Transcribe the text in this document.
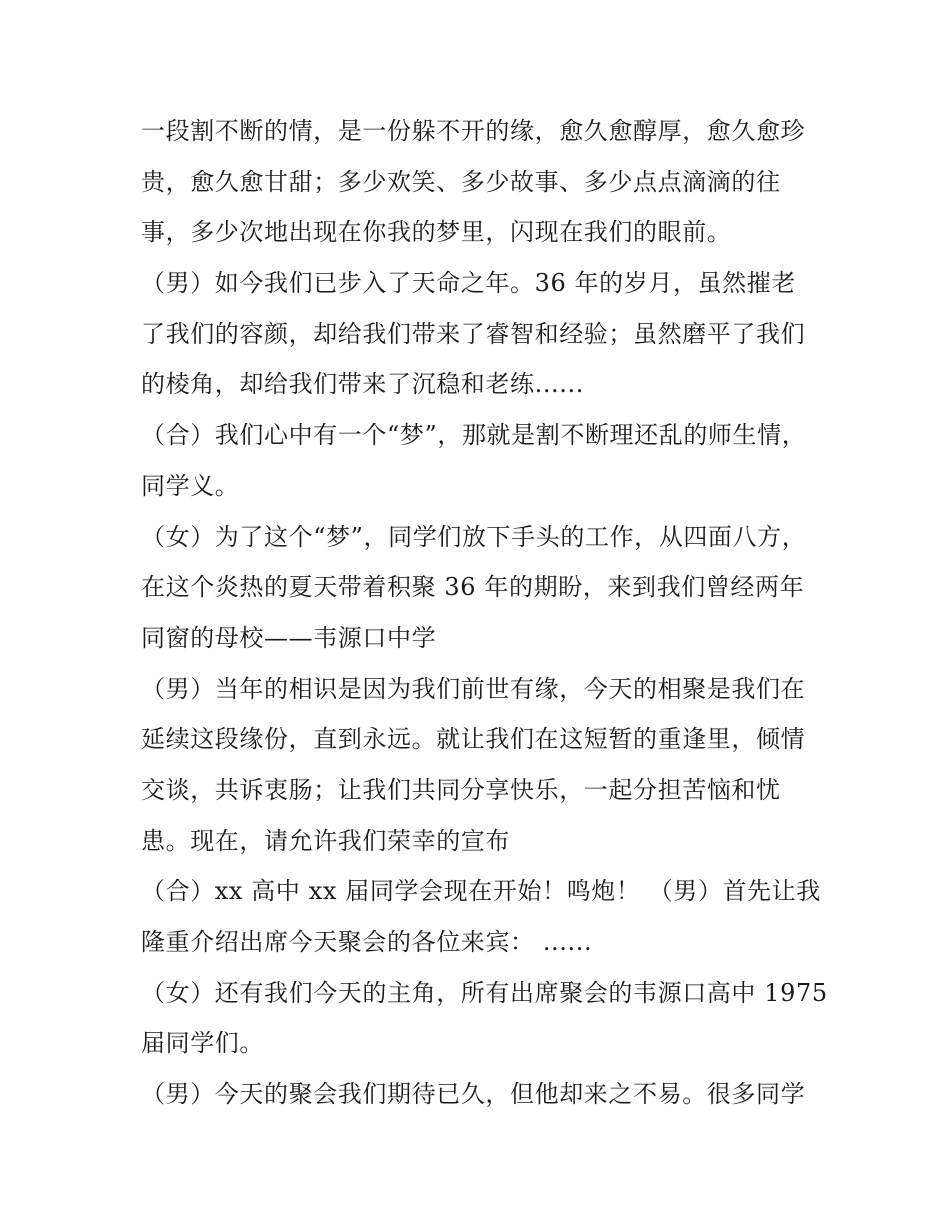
一段割不断的情，是一份躲不开的缘，愈久愈醇厚，愈久愈珍
贵，愈久愈甘甜；多少欢笑、多少故事、多少点点滴滴的往
事，多少次地出现在你我的梦里，闪现在我们的眼前。
（男）如今我们已步入了天命之年。36 年的岁月，虽然摧老
了我们的容颜，却给我们带来了睿智和经验；虽然磨平了我们
的棱角，却给我们带来了沉稳和老练......
（合）我们心中有一个“梦”，那就是割不断理还乱的师生情，
同学义。
（女）为了这个“梦”，同学们放下手头的工作，从四面八方，
在这个炎热的夏天带着积聚 36 年的期盼，来到我们曾经两年
同窗的母校——韦源口中学
（男）当年的相识是因为我们前世有缘，今天的相聚是我们在
延续这段缘份，直到永远。就让我们在这短暂的重逢里，倾情
交谈，共诉衷肠；让我们共同分享快乐，一起分担苦恼和忧
患。现在，请允许我们荣幸的宣布
（合）xx 高中 xx 届同学会现在开始！鸣炮！ （男）首先让我
隆重介绍出席今天聚会的各位来宾： ......
（女）还有我们今天的主角，所有出席聚会的韦源口高中 1975
届同学们。
（男）今天的聚会我们期待已久，但他却来之不易。很多同学
